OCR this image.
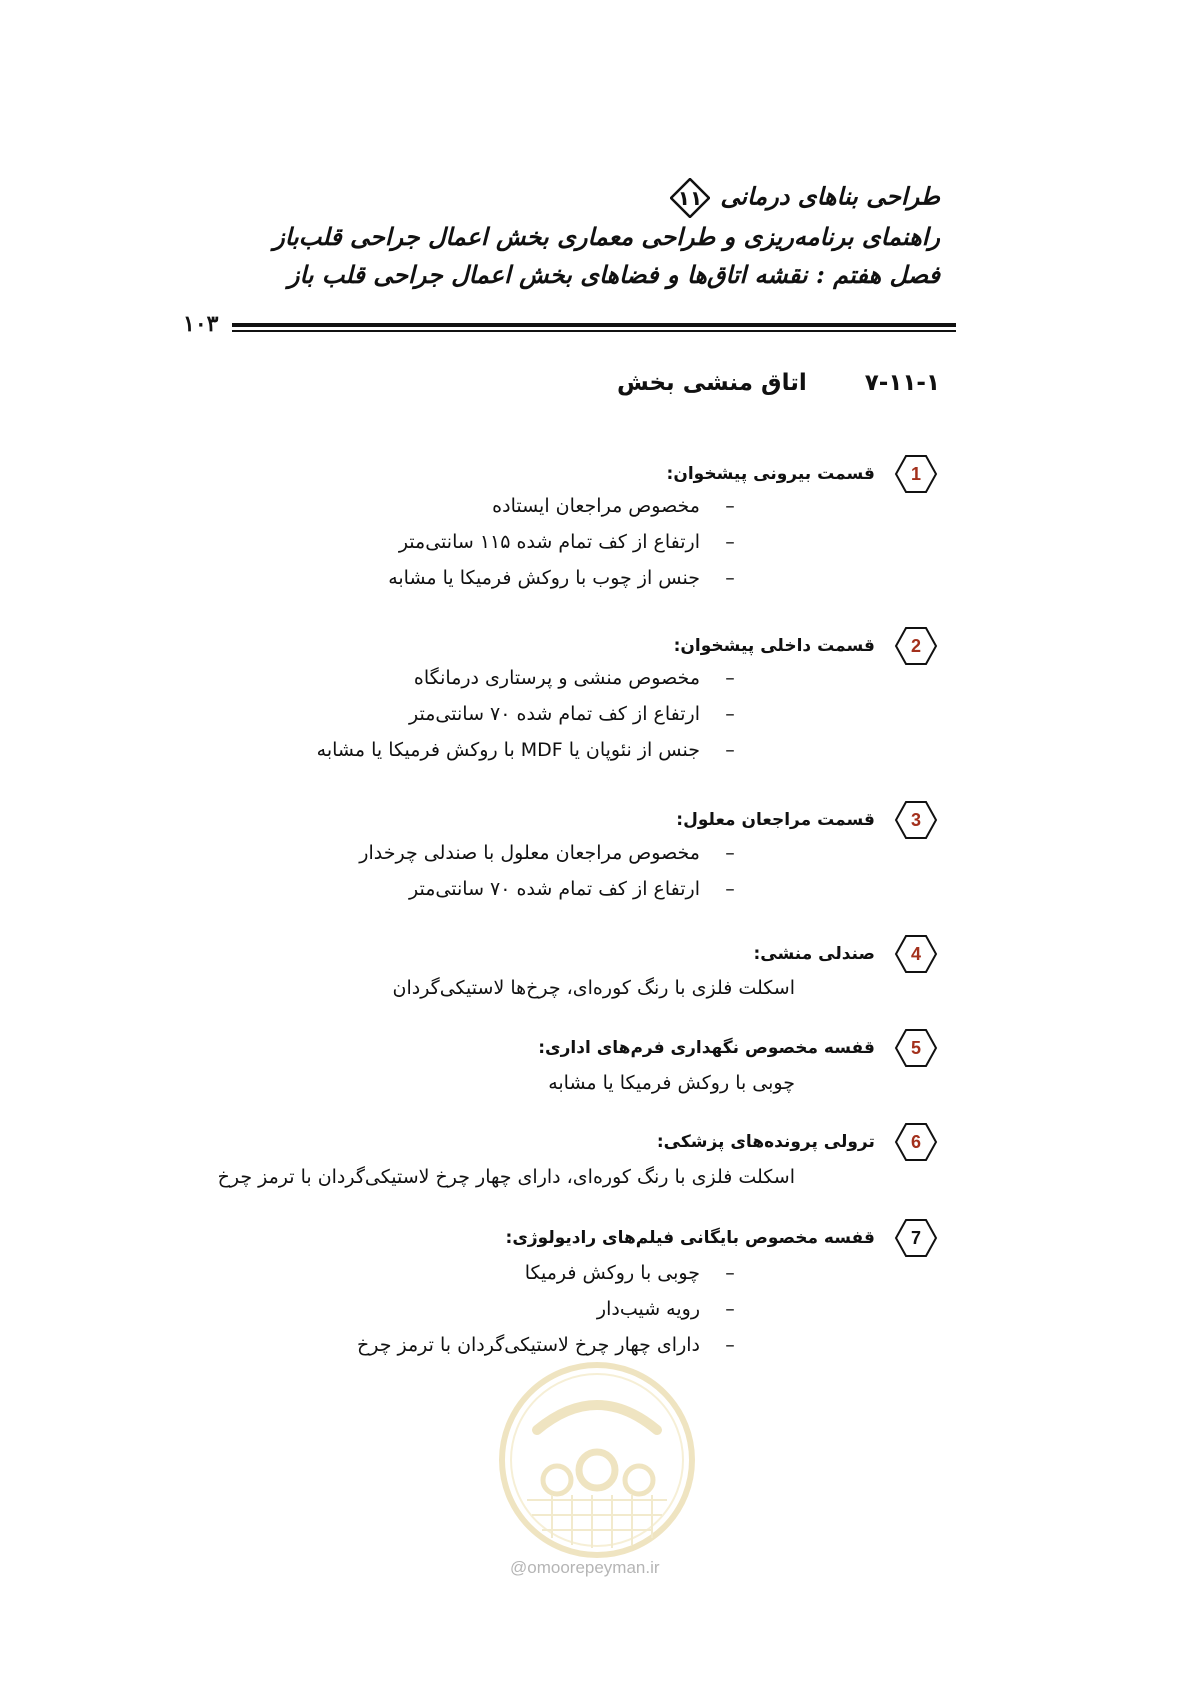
طراحی بناهای درمانی
۱۱
راهنمای برنامه‌ریزی و طراحی معماری بخش اعمال جراحی قلب‌باز
فصل هفتم : نقشه اتاق‌ها و فضاهای بخش اعمال جراحی قلب باز
۱۰۳
۷-۱۱-۱ اتاق منشی بخش
1
قسمت بیرونی پیشخوان:
–مخصوص مراجعان ایستاده
–ارتفاع از کف تمام شده ۱۱۵ سانتی‌متر
–جنس از چوب با روکش فرمیکا یا مشابه
2
قسمت داخلی پیشخوان:
–مخصوص منشی و پرستاری درمانگاه
–ارتفاع از کف تمام شده ۷۰ سانتی‌متر
–جنس از نئوپان یا MDF با روکش فرمیکا یا مشابه
3
قسمت مراجعان معلول:
–مخصوص مراجعان معلول با صندلی چرخدار
–ارتفاع از کف تمام شده ۷۰ سانتی‌متر
4
صندلی منشی:
اسکلت فلزی با رنگ کوره‌ای، چرخ‌ها لاستیکی‌گردان
5
قفسه مخصوص نگهداری فرم‌های اداری:
چوبی با روکش فرمیکا یا مشابه
6
ترولی پرونده‌های پزشکی:
اسکلت فلزی با رنگ کوره‌ای، دارای چهار چرخ لاستیکی‌گردان با ترمز چرخ
7
قفسه مخصوص بایگانی فیلم‌های رادیولوژی:
–چوبی با روکش فرمیکا
–رویه شیب‌دار
–دارای چهار چرخ لاستیکی‌گردان با ترمز چرخ
@omoorepeyman.ir
